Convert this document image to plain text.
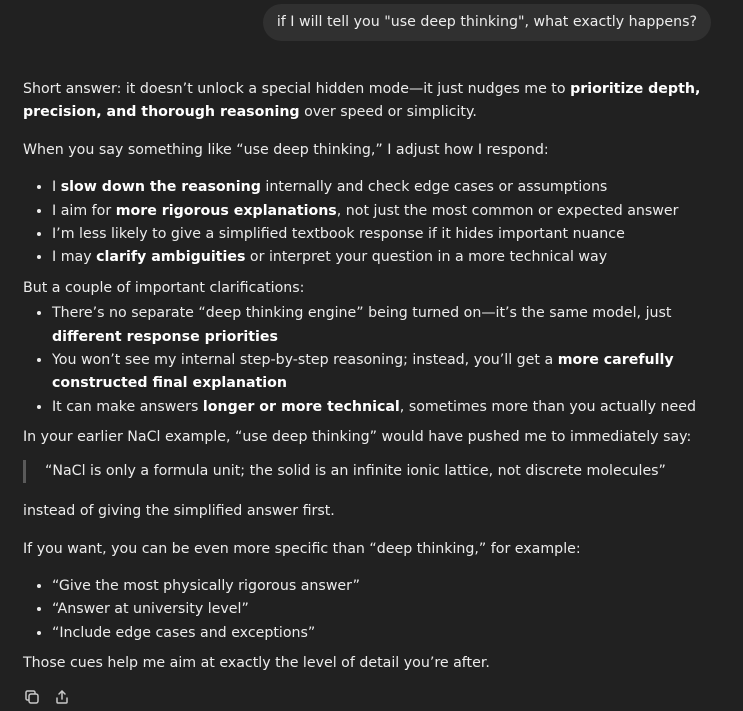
if I will tell you "use deep thinking", what exactly happens?

Short answer: it doesn’t unlock a special hidden mode—it just nudges me to prioritize depth, precision, and thorough reasoning over speed or simplicity.

When you say something like “use deep thinking,” I adjust how I respond:

• I slow down the reasoning internally and check edge cases or assumptions
• I aim for more rigorous explanations, not just the most common or expected answer
• I’m less likely to give a simplified textbook response if it hides important nuance
• I may clarify ambiguities or interpret your question in a more technical way

But a couple of important clarifications:

• There’s no separate “deep thinking engine” being turned on—it’s the same model, just different response priorities
• You won’t see my internal step-by-step reasoning; instead, you’ll get a more carefully constructed final explanation
• It can make answers longer or more technical, sometimes more than you actually need

In your earlier NaCl example, “use deep thinking” would have pushed me to immediately say:

“NaCl is only a formula unit; the solid is an infinite ionic lattice, not discrete molecules”

instead of giving the simplified answer first.

If you want, you can be even more specific than “deep thinking,” for example:

• “Give the most physically rigorous answer”
• “Answer at university level”
• “Include edge cases and exceptions”

Those cues help me aim at exactly the level of detail you’re after.
